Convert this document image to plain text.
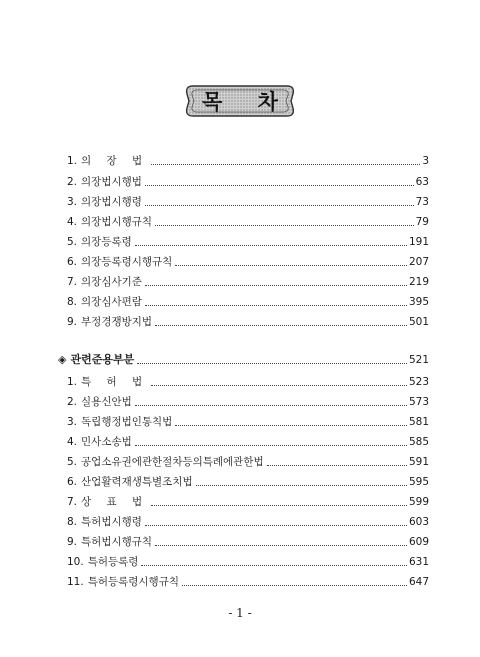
목 차
1. 의 장 법	3
2. 의장법시행법	63
3. 의장법시행령	73
4. 의장법시행규칙	79
5. 의장등록령	191
6. 의장등록령시행규칙	207
7. 의장심사기준	219
8. 의장심사편람	395
9. 부정경쟁방지법	501
◈ 관련준용부분	521
1. 특 허 법	523
2. 실용신안법	573
3. 독립행정법인통칙법	581
4. 민사소송법	585
5. 공업소유권에관한절차등의특례에관한법	591
6. 산업활력재생특별조치법	595
7. 상 표 법	599
8. 특허법시행령	603
9. 특허법시행규칙	609
10. 특허등록령	631
11. 특허등록령시행규칙	647
- 1 -
